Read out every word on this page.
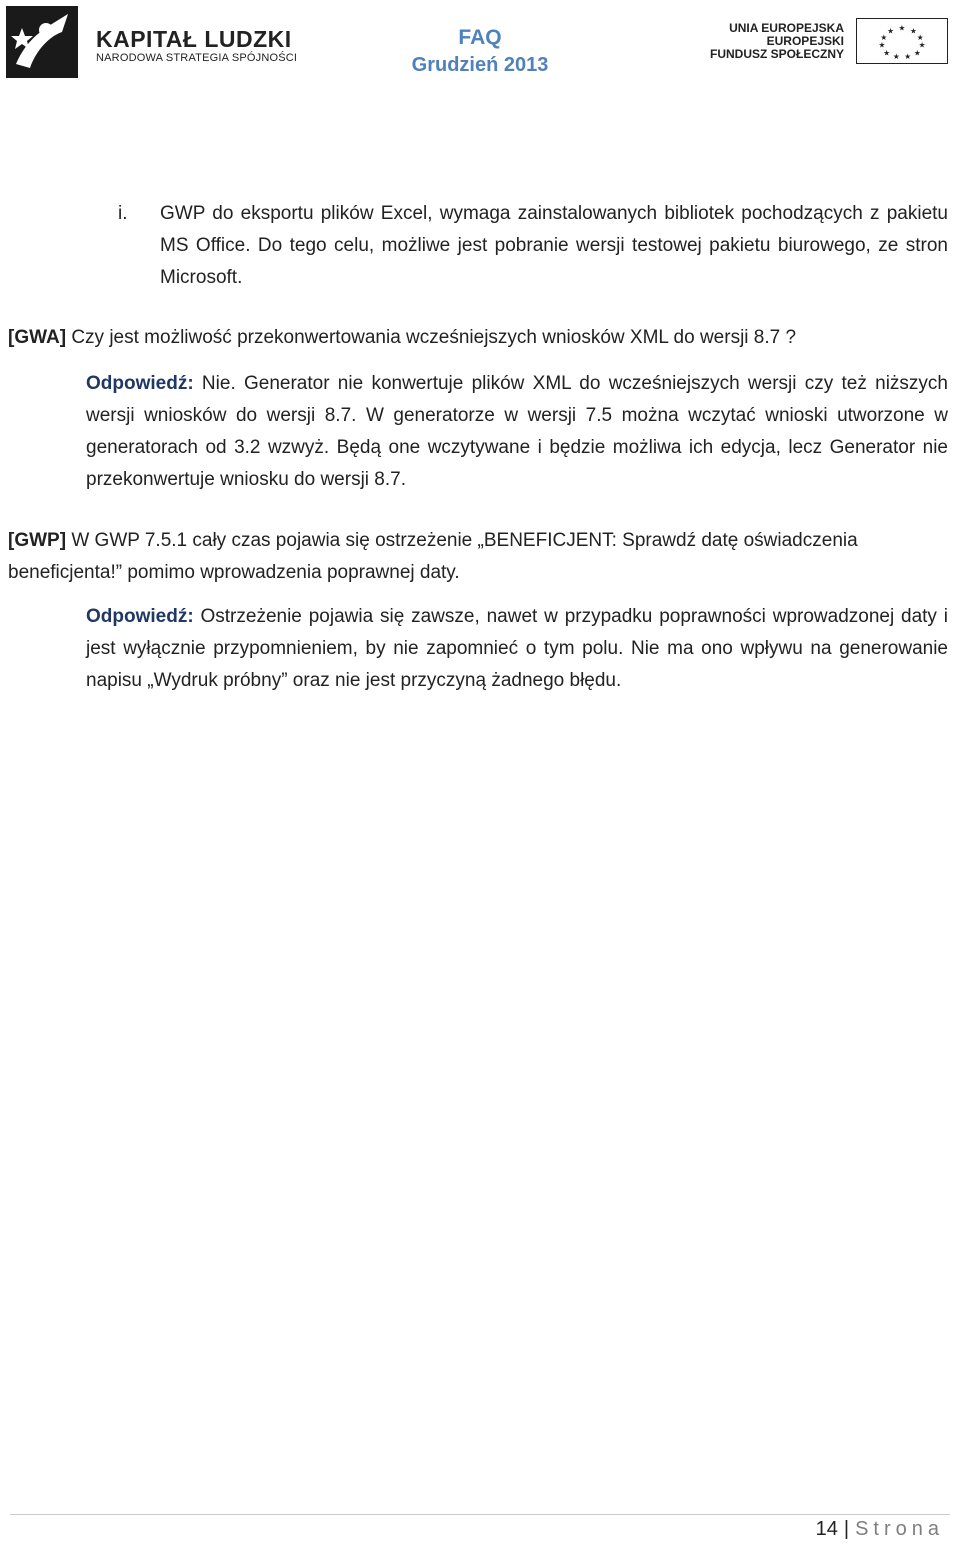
KAPITAŁ LUDZKI
NARODOWA STRATEGIA SPÓJNOŚCI
FAQ
Grudzień 2013
UNIA EUROPEJSKA
EUROPEJSKI
FUNDUSZ SPOŁECZNY
★ ★
★
★
★
★
★
★
★
★
★
i. GWP do eksportu plików Excel, wymaga zainstalowanych bibliotek pochodzących z pakietu MS Office. Do tego celu, możliwe jest pobranie wersji testowej pakietu biurowego, ze stron Microsoft.

[GWA] Czy jest możliwość przekonwertowania wcześniejszych wniosków XML do wersji 8.7 ?

Odpowiedź: Nie. Generator nie konwertuje plików XML do wcześniejszych wersji czy też niższych wersji wniosków do wersji 8.7. W generatorze w wersji 7.5 można wczytać wnioski utworzone w generatorach od 3.2 wzwyż. Będą one wczytywane i będzie możliwa ich edycja, lecz Generator nie przekonwertuje wniosku do wersji 8.7.

[GWP] W GWP 7.5.1 cały czas pojawia się ostrzeżenie „BENEFICJENT: Sprawdź datę oświadczenia beneficjenta!” pomimo wprowadzenia poprawnej daty.

Odpowiedź: Ostrzeżenie pojawia się zawsze, nawet w przypadku poprawności wprowadzonej daty i jest wyłącznie przypomnieniem, by nie zapomnieć o tym polu. Nie ma ono wpływu na generowanie napisu „Wydruk próbny” oraz nie jest przyczyną żadnego błędu.

14 | Strona
